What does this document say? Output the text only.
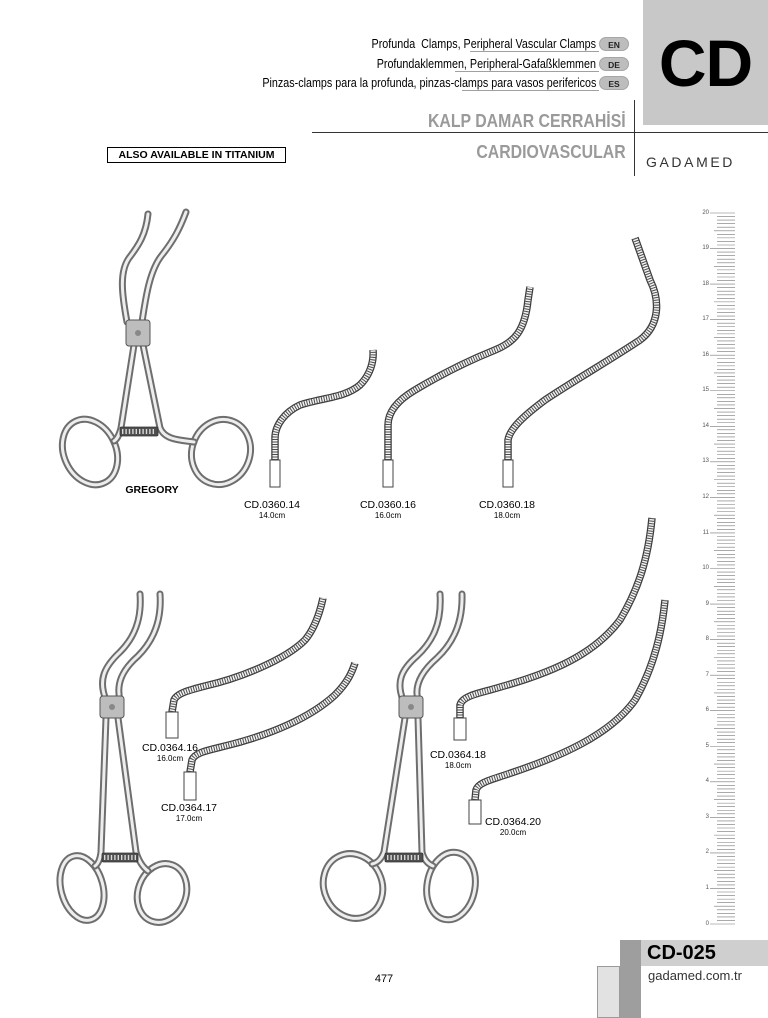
CD
Profunda  Clamps, Peripheral Vascular Clamps
Profundaklemmen, Peripheral-Gafaßklemmen
Pinzas-clamps para la profunda, pinzas-clamps para vasos perifericos
EN
DE
ES
KALP DAMAR CERRAHİSİ
CARDIOVASCULAR GADAMED
ALSO AVAILABLE IN TITANIUM
GREGORY
CD.0360.14
14.0cm
CD.0360.16
16.0cm
CD.0360.18
18.0cm
CD.0364.16
16.0cm
CD.0364.17
17.0cm
CD.0364.18
18.0cm
CD.0364.20
20.0cm
20
19
18
17
16
15
14
13
12
11
10
9
8
7
6
5
4
3
2
1
0
477
CD-025
gadamed.com.tr
